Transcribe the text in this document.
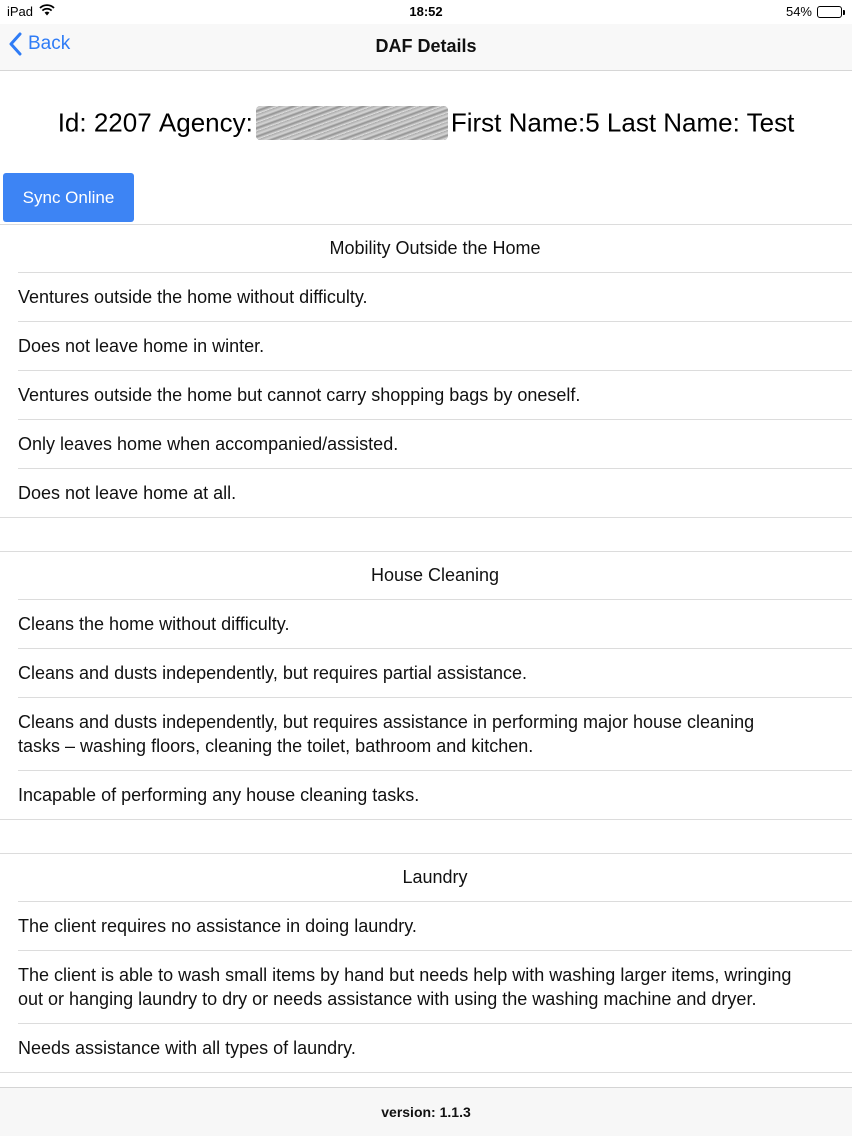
iPad	18:52	54%
Back	DAF Details
Id: 2207 Agency:	First Name:5 Last Name: Test
Sync Online
Mobility Outside the Home
Ventures outside the home without difficulty.
Does not leave home in winter.
Ventures outside the home but cannot carry shopping bags by oneself.
Only leaves home when accompanied/assisted.
Does not leave home at all.
House Cleaning
Cleans the home without difficulty.
Cleans and dusts independently, but requires partial assistance.
Cleans and dusts independently, but requires assistance in performing major house cleaning tasks – washing floors, cleaning the toilet, bathroom and kitchen.
Incapable of performing any house cleaning tasks.
Laundry
The client requires no assistance in doing laundry.
The client is able to wash small items by hand but needs help with washing larger items, wringing out or hanging laundry to dry or needs assistance with using the washing machine and dryer.
Needs assistance with all types of laundry.
version: 1.1.3
